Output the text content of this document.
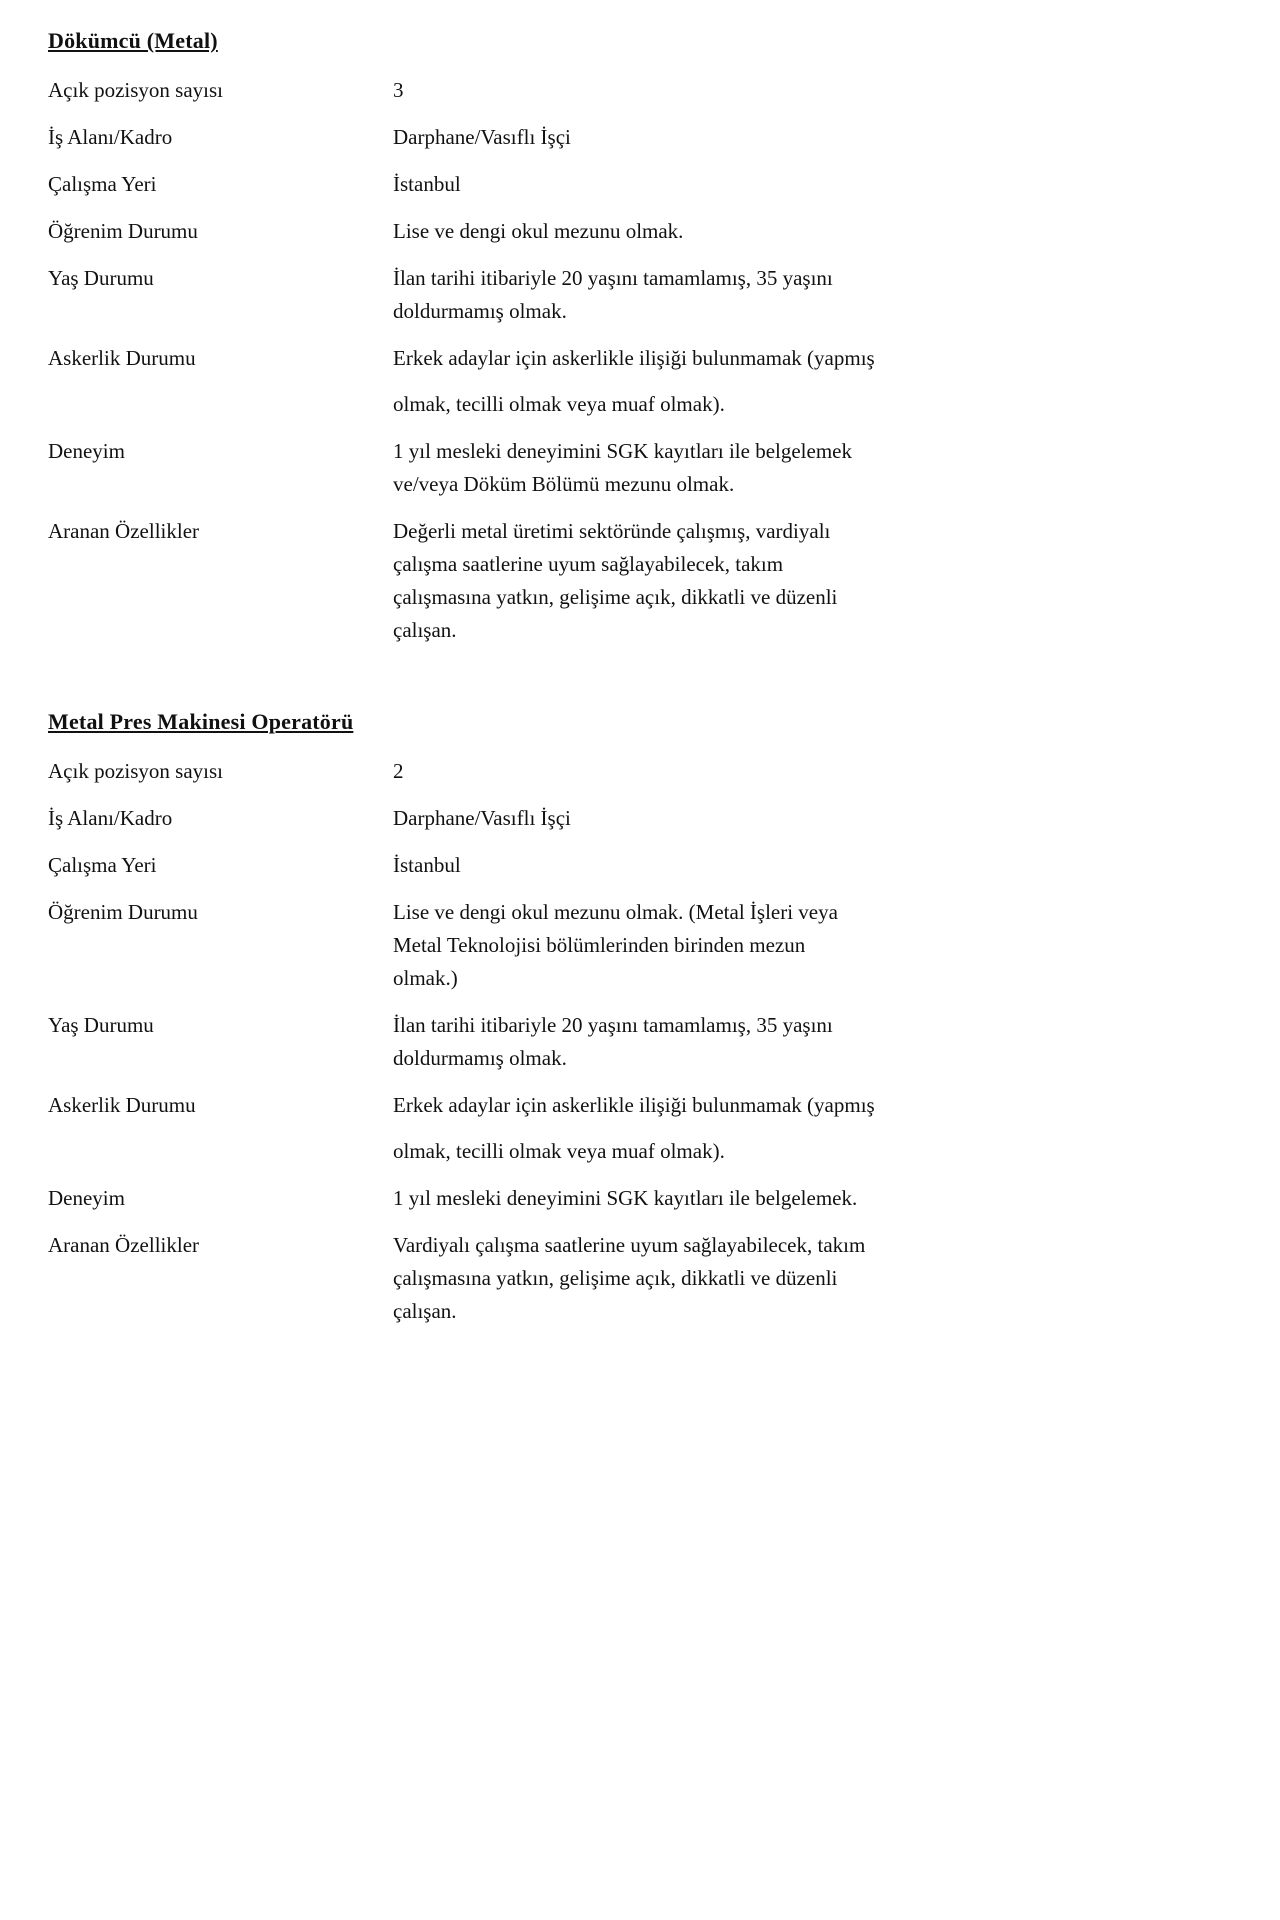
Dökümcü (Metal)
Açık pozisyon sayısı	3
İş Alanı/Kadro	Darphane/Vasıflı İşçi
Çalışma Yeri	İstanbul
Öğrenim Durumu	Lise ve dengi okul mezunu olmak.
Yaş Durumu	İlan tarihi itibariyle 20 yaşını tamamlamış, 35 yaşını
doldurmamış olmak.
Askerlik Durumu	Erkek adaylar için askerlikle ilişiği bulunmamak (yapmış
olmak, tecilli olmak veya muaf olmak).
Deneyim	1 yıl mesleki deneyimini SGK kayıtları ile belgelemek
ve/veya Döküm Bölümü mezunu olmak.
Aranan Özellikler	Değerli metal üretimi sektöründe çalışmış, vardiyalı
çalışma saatlerine uyum sağlayabilecek, takım
çalışmasına yatkın, gelişime açık, dikkatli ve düzenli
çalışan.
Metal Pres Makinesi Operatörü
Açık pozisyon sayısı	2
İş Alanı/Kadro	Darphane/Vasıflı İşçi
Çalışma Yeri	İstanbul
Öğrenim Durumu	Lise ve dengi okul mezunu olmak. (Metal İşleri veya
Metal Teknolojisi bölümlerinden birinden mezun
olmak.)
Yaş Durumu	İlan tarihi itibariyle 20 yaşını tamamlamış, 35 yaşını
doldurmamış olmak.
Askerlik Durumu	Erkek adaylar için askerlikle ilişiği bulunmamak (yapmış
olmak, tecilli olmak veya muaf olmak).
Deneyim	1 yıl mesleki deneyimini SGK kayıtları ile belgelemek.
Aranan Özellikler	Vardiyalı çalışma saatlerine uyum sağlayabilecek, takım
çalışmasına yatkın, gelişime açık, dikkatli ve düzenli
çalışan.
